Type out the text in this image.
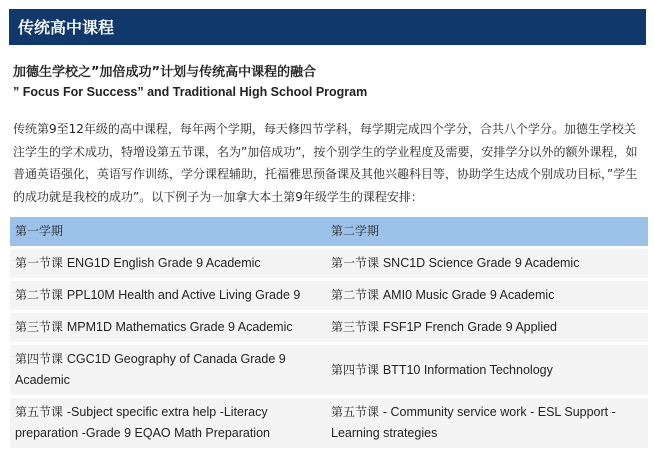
传统高中课程
加德生学校之”加倍成功”计划与传统高中课程的融合
” Focus For Success” and Traditional High School Program
传统第9至12年级的高中课程，每年两个学期，每天修四节学科，每学期完成四个学分，合共八个学分。加德生学校关注学生的学术成功，特增设第五节课，名为”加倍成功”，按个别学生的学业程度及需要，安排学分以外的额外课程，如普通英语强化，英语写作训练，学分课程辅助，托福雅思预备课及其他兴趣科目等，协助学生达成个别成功目标，”学生的成功就是我校的成功”。以下例子为一加拿大本土第9年级学生的课程安排：
第一学期	第二学期
第一节课 ENG1D English Grade 9 Academic	第一节课 SNC1D Science Grade 9 Academic
第二节课 PPL10M Health and Active Living Grade 9	第二节课 AMI0 Music Grade 9 Academic
第三节课 MPM1D Mathematics Grade 9 Academic	第三节课 FSF1P French Grade 9 Applied
第四节课 CGC1D Geography of Canada Grade 9 Academic	第四节课 BTT10 Information Technology
第五节课 -Subject specific extra help -Literacy preparation -Grade 9 EQAO Math Preparation	第五节课 - Community service work - ESL Support - Learning strategies
